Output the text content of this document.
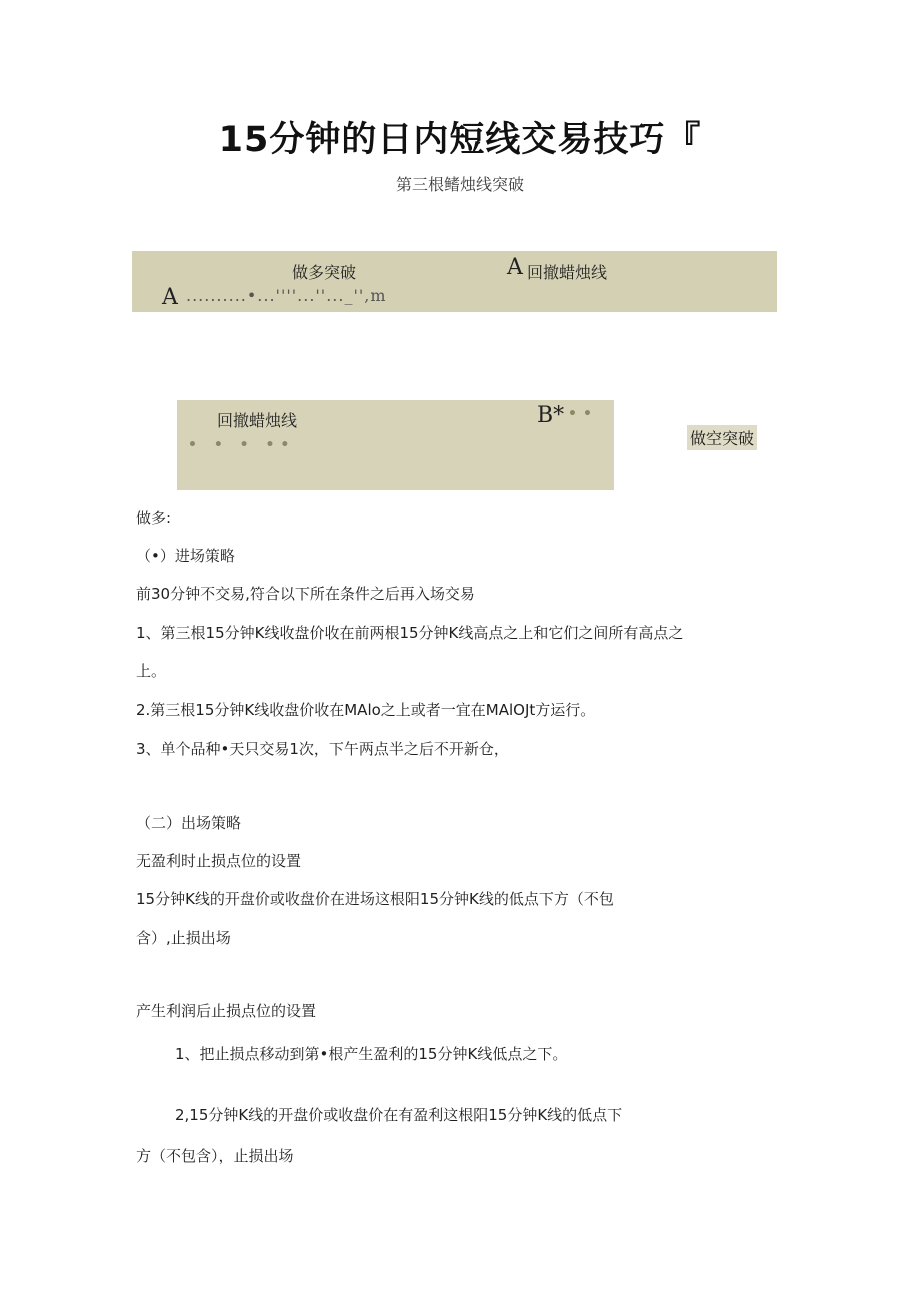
15分钟的日内短线交易技巧『
第三根鳍烛线突破
做多突破	A 回撤蜡烛线
A ..........•...''''...''..._'',m
回撤蜡烛线	B* ••
• • • ••	做空突破
做多:
（•）进场策略
前30分钟不交易,符合以下所在条件之后再入场交易
1、第三根15分钟K线收盘价收在前两根15分钟K线高点之上和它们之间所有高点之
上。
2.第三根15分钟K线收盘价收在MAlo之上或者一宜在MAlOJt方运行。
3、单个品种•天只交易1次，下午两点半之后不开新仓，
（二）出场策略
无盈利时止损点位的设置
15分钟K线的开盘价或收盘价在进场这根阳15分钟K线的低点下方（不包
含）,止损出场
产生利润后止损点位的设置
1、把止损点移动到第•根产生盈利的15分钟K线低点之下。
2,15分钟K线的开盘价或收盘价在有盈利这根阳15分钟K线的低点下
方（不包含），止损出场
